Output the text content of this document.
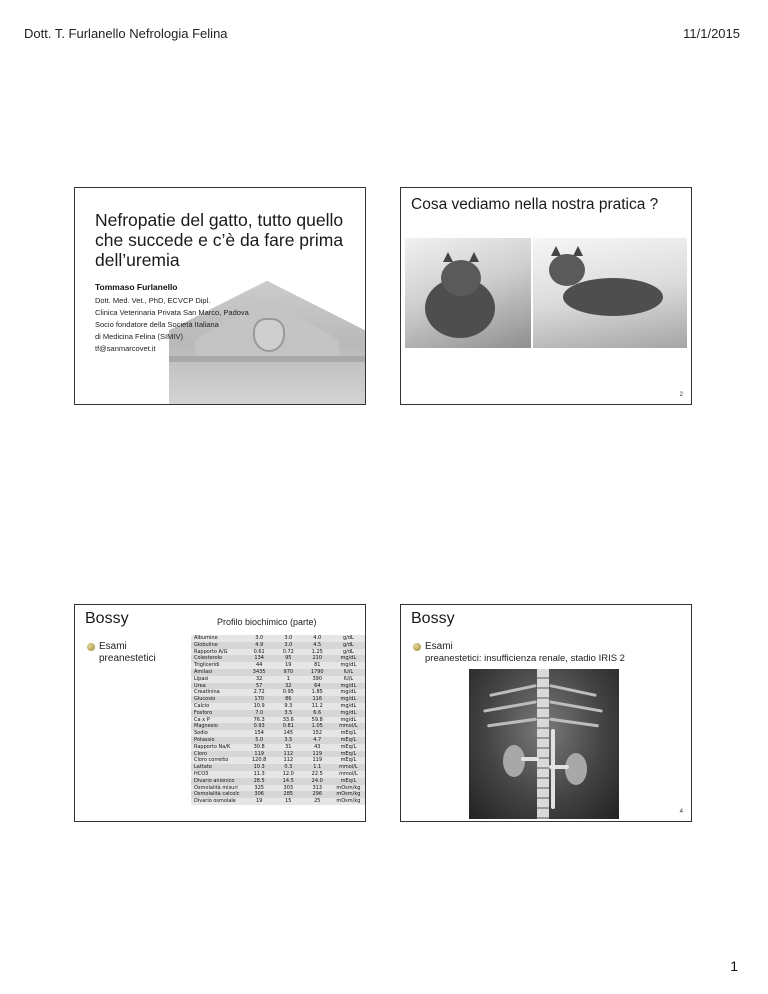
Dott. T. Furlanello Nefrologia Felina	11/1/2015
Nefropatie del gatto, tutto quello che succede e c’è da fare prima dell’uremia
Tommaso Furlanello
Dott. Med. Vet., PhD, ECVCP Dipl.
Clinica Veterinaria Privata San Marco, Padova
Socio fondatore della Società Italiana
di Medicina Felina (SIMIV)
tf@sanmarcovet.it
Cosa vediamo nella nostra pratica ?
2
Bossy	Profilo biochimico (parte)
Esami
preanestetici
Albumine	3.0	3.0	4.0	g/dL
Globuline	4.9	3.0	4.5	g/dL
Rapporto A/G	0.61	0.72	1.25	g/dL
Colesterolo	134	95	210	mg/dL
Trigliceridi	44	19	81	mg/dL
Amilasi	3435	970	1790	IU/L
Lipasi	32	1	390	IU/L
Urea	57	32	64	mg/dL
Creatinina	2.72	0.95	1.85	mg/dL
Glucosio	170	86	116	mg/dL
Calcio	10.9	9.3	11.2	mg/dL
Fosforo	7.0	3.5	6.6	mg/dL
Ca x P	76.3	33.6	59.8	mg/dL
Magnesio	0.93	0.81	1.05	mmol/L
Sodio	154	145	152	mEq/L
Potassio	5.0	3.5	4.7	mEq/L
Rapporto Na/K	30.8	31	43	mEq/L
Cloro	119	112	119	mEq/L
Cloro corretto	120.8	112	119	mEq/L
Lattato	10.3	0.3	1.1	mmol/L
HCO3	11.3	12.0	22.5	mmol/L
Divario anionico	28.5	14.5	24.0	mEq/L
Osmolalità misuri	325	303	313	mOsm/kg
Osmolalità calcolc	306	285	296	mOsm/kg
Divario osmolale	19	15	25	mOsm/kg
Bossy
Esami
preanestetici: insufficienza renale, stadio IRIS 2
4
1
